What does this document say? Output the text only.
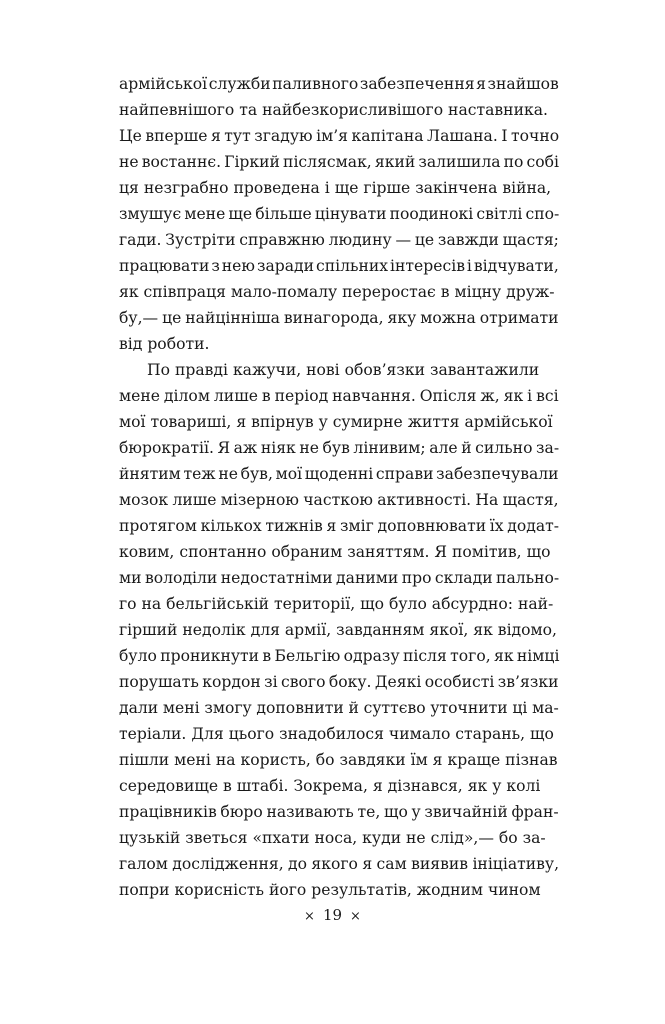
армійської служби паливного забезпечення я знайшов
найпевнішого та найбезкорисливішого наставника.
Це вперше я тут згадую ім’я капітана Лашана. І точно
не востаннє. Гіркий післясмак, який залишила по собі
ця незграбно проведена і ще гірше закінчена війна,
змушує мене ще більше цінувати поодинокі світлі спо-
гади. Зустріти справжню людину — це завжди щастя;
працювати з нею заради спільних інтересів і відчувати,
як співпраця мало-помалу переростає в міцну друж-
бу,— це найцінніша винагорода, яку можна отримати
від роботи.
По правді кажучи, нові обов’язки завантажили
мене ділом лише в період навчання. Опісля ж, як і всі
мої товариші, я впірнув у сумирне життя армійської
бюрократії. Я аж ніяк не був лінивим; але й сильно за-
йнятим теж не був, мої щоденні справи забезпечували
мозок лише мізерною часткою активності. На щастя,
протягом кількох тижнів я зміг доповнювати їх додат-
ковим, спонтанно обраним заняттям. Я помітив, що
ми володіли недостатніми даними про склади пально-
го на бельгійській території, що було абсурдно: най-
гірший недолік для армії, завданням якої, як відомо,
було проникнути в Бельгію одразу після того, як німці
порушать кордон зі свого боку. Деякі особисті зв’язки
дали мені змогу доповнити й суттєво уточнити ці ма-
теріали. Для цього знадобилося чимало старань, що
пішли мені на користь, бо завдяки їм я краще пізнав
середовище в штабі. Зокрема, я дізнався, як у колі
працівників бюро називають те, що у звичайній фран-
цузькій зветься «пхати носа, куди не слід»,— бо за-
галом дослідження, до якого я сам виявив ініціативу,
попри корисність його результатів, жодним чином
× 19 ×
